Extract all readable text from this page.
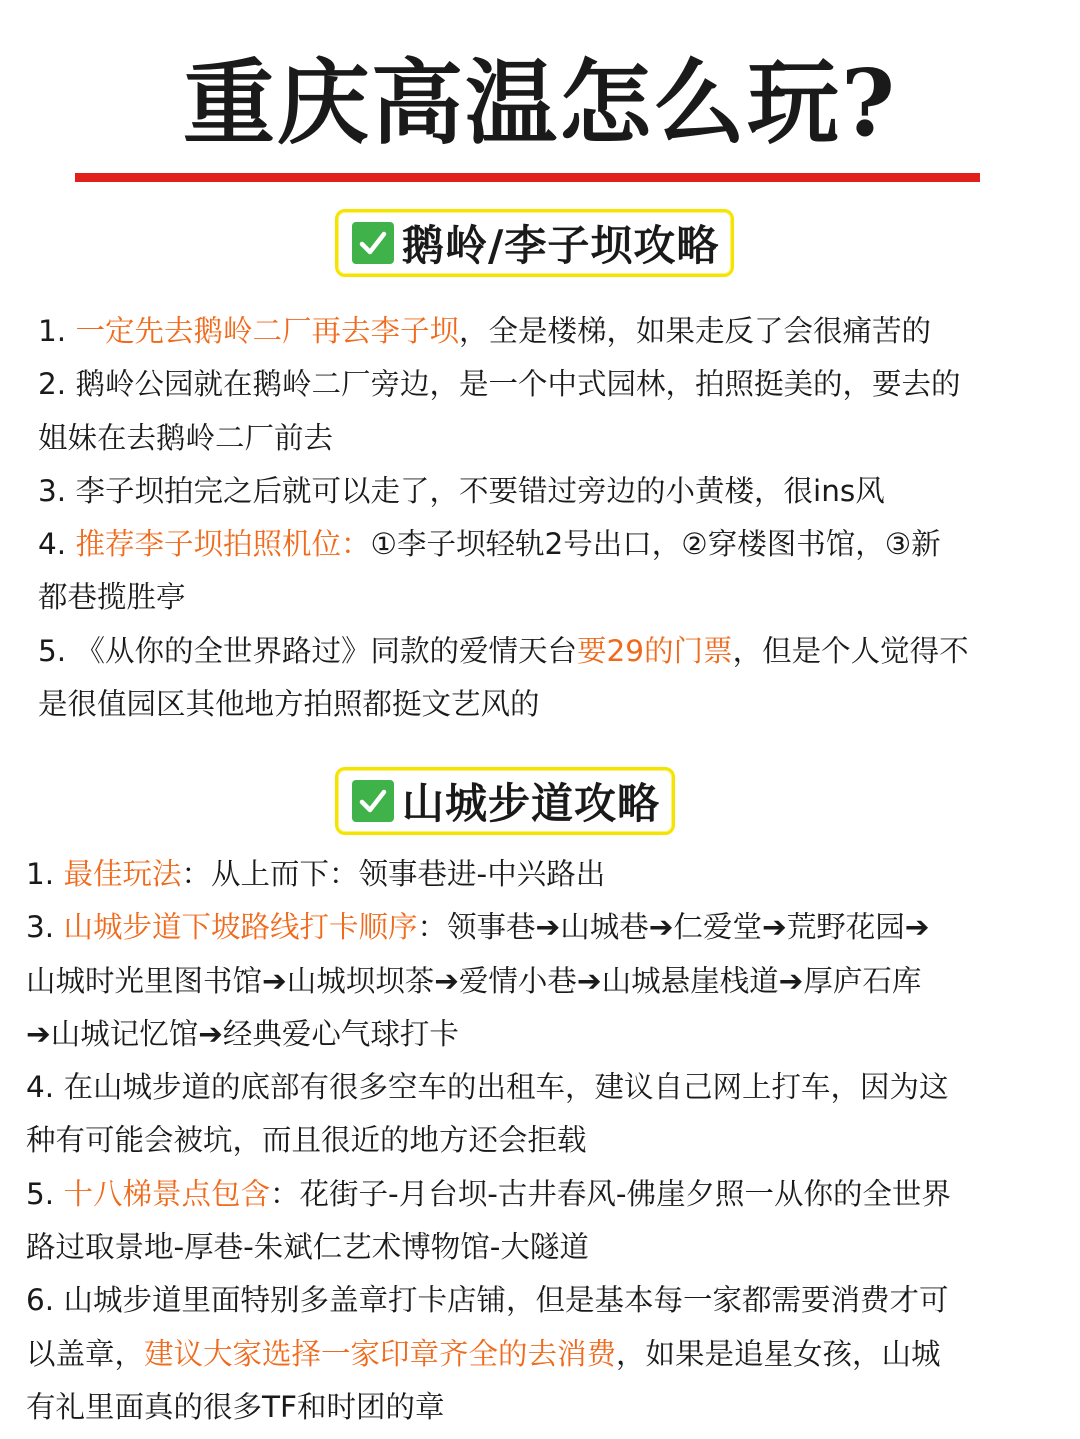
重庆高温怎么玩?
鹅岭/李子坝攻略
1. 一定先去鹅岭二厂再去李子坝，全是楼梯，如果走反了会很痛苦的
2. 鹅岭公园就在鹅岭二厂旁边，是一个中式园林，拍照挺美的，要去的
姐妹在去鹅岭二厂前去
3. 李子坝拍完之后就可以走了，不要错过旁边的小黄楼，很ins风
4. 推荐李子坝拍照机位：①李子坝轻轨2号出口，②穿楼图书馆，③新
都巷揽胜亭
5. 《从你的全世界路过》同款的爱情天台要29的门票，但是个人觉得不
是很值园区其他地方拍照都挺文艺风的
山城步道攻略
1. 最佳玩法：从上而下：领事巷进-中兴路出
3. 山城步道下坡路线打卡顺序：领事巷➔山城巷➔仁爱堂➔荒野花园➔
山城时光里图书馆➔山城坝坝茶➔爱情小巷➔山城悬崖栈道➔厚庐石库
➔山城记忆馆➔经典爱心气球打卡
4. 在山城步道的底部有很多空车的出租车，建议自己网上打车，因为这
种有可能会被坑，而且很近的地方还会拒载
5. 十八梯景点包含：花街子-月台坝-古井春风-佛崖夕照一从你的全世界
路过取景地-厚巷-朱斌仁艺术博物馆-大隧道
6. 山城步道里面特别多盖章打卡店铺，但是基本每一家都需要消费才可
以盖章，建议大家选择一家印章齐全的去消费，如果是追星女孩，山城
有礼里面真的很多TF和时团的章
